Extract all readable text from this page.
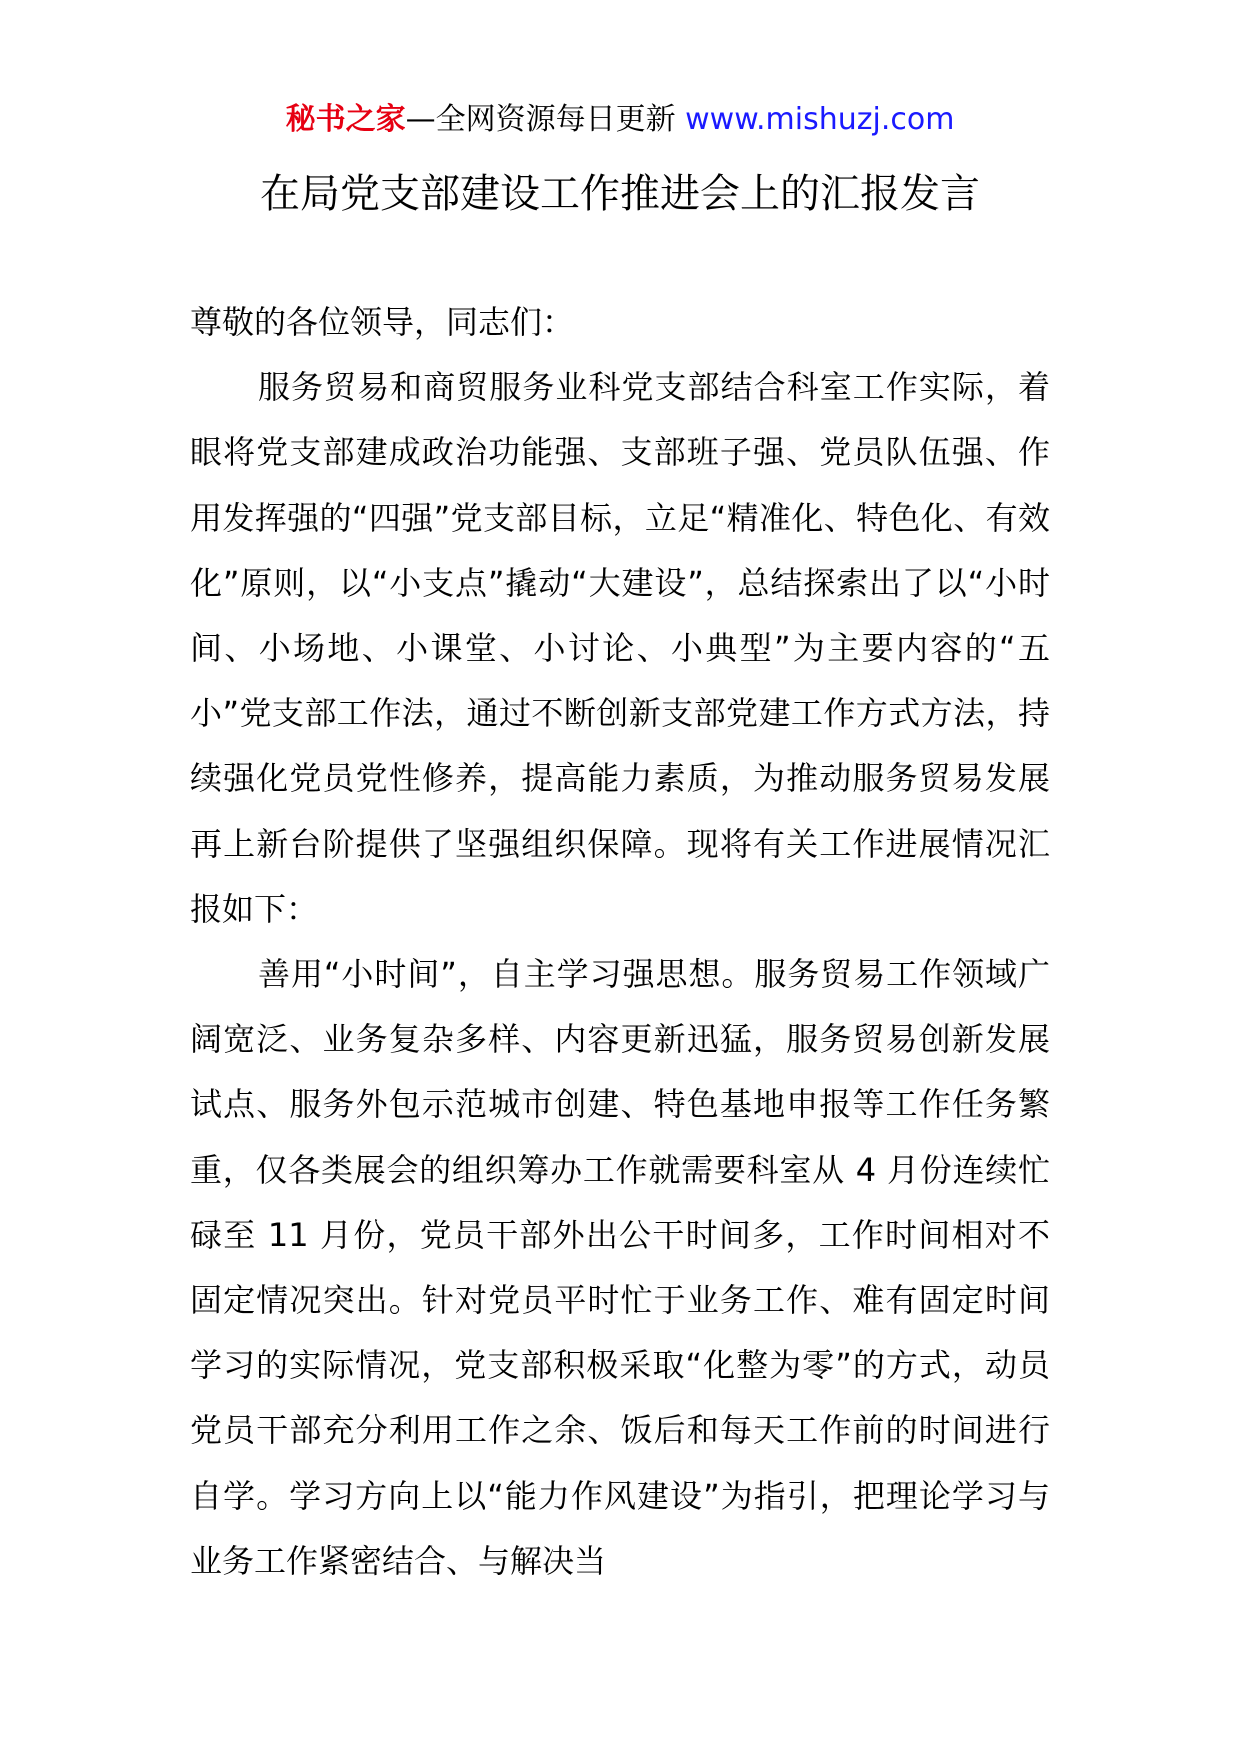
秘书之家—全网资源每日更新 www.mishuzj.com
在局党支部建设工作推进会上的汇报发言

尊敬的各位领导，同志们：

服务贸易和商贸服务业科党支部结合科室工作实际，着眼将党支部建成政治功能强、支部班子强、党员队伍强、作用发挥强的“四强”党支部目标，立足“精准化、特色化、有效化”原则，以“小支点”撬动“大建设”，总结探索出了以“小时间、小场地、小课堂、小讨论、小典型”为主要内容的“五小”党支部工作法，通过不断创新支部党建工作方式方法，持续强化党员党性修养，提高能力素质，为推动服务贸易发展再上新台阶提供了坚强组织保障。现将有关工作进展情况汇报如下：

善用“小时间”，自主学习强思想。服务贸易工作领域广阔宽泛、业务复杂多样、内容更新迅猛，服务贸易创新发展试点、服务外包示范城市创建、特色基地申报等工作任务繁重，仅各类展会的组织筹办工作就需要科室从 4 月份连续忙碌至 11 月份，党员干部外出公干时间多，工作时间相对不固定情况突出。针对党员平时忙于业务工作、难有固定时间学习的实际情况，党支部积极采取“化整为零”的方式，动员党员干部充分利用工作之余、饭后和每天工作前的时间进行自学。学习方向上以“能力作风建设”为指引，把理论学习与业务工作紧密结合、与解决当
